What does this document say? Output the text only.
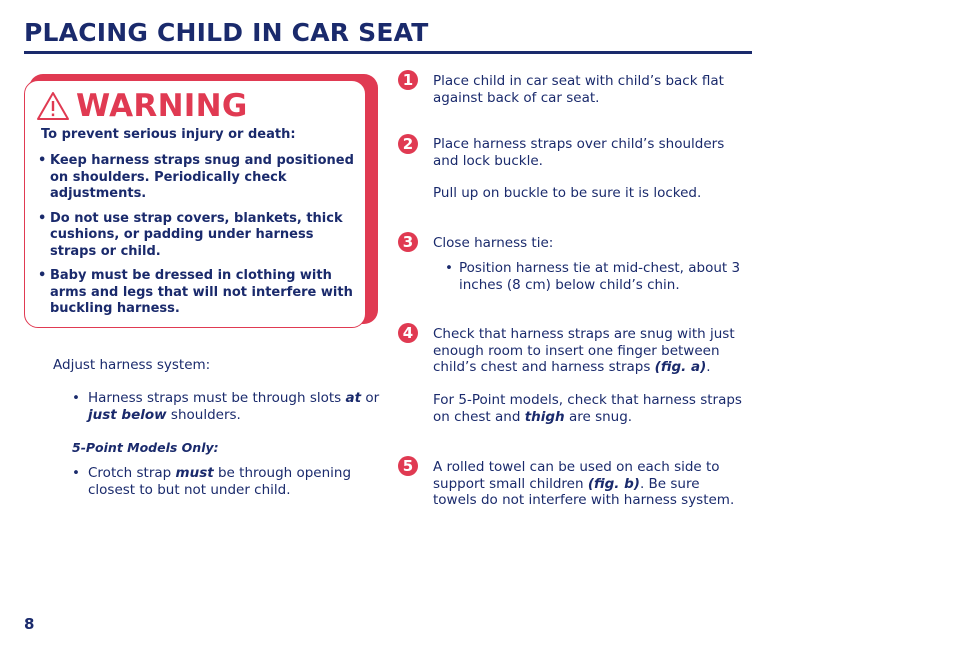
PLACING CHILD IN CAR SEAT
WARNING
To prevent serious injury or death:
• Keep harness straps snug and positioned on shoulders. Periodically check adjustments.
• Do not use strap covers, blankets, thick cushions, or padding under harness straps or child.
• Baby must be dressed in clothing with arms and legs that will not interfere with buckling harness.
Adjust harness system:
• Harness straps must be through slots at or just below shoulders.
5-Point Models Only:
• Crotch strap must be through opening closest to but not under child.
1	Place child in car seat with child’s back flat against back of car seat.
2	Place harness straps over child’s shoulders and lock buckle.
Pull up on buckle to be sure it is locked.
3	Close harness tie:
• Position harness tie at mid-chest, about 3 inches (8 cm) below child’s chin.
4	Check that harness straps are snug with just enough room to insert one finger between child’s chest and harness straps (fig. a).
For 5-Point models, check that harness straps on chest and thigh are snug.
5	A rolled towel can be used on each side to support small children (fig. b). Be sure towels do not interfere with harness system.
8
